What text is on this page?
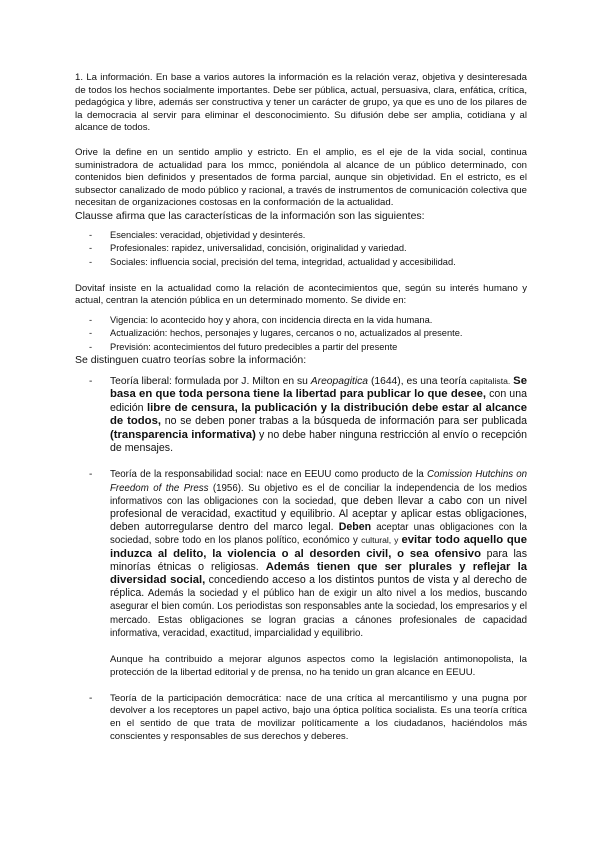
1. La información. En base a varios autores la información es la relación veraz, objetiva y desinteresada de todos los hechos socialmente importantes. Debe ser pública, actual, persuasiva, clara, enfática, crítica, pedagógica y libre, además ser constructiva y tener un carácter de grupo, ya que es uno de los pilares de la democracia al servir para eliminar el desconocimiento. Su difusión debe ser amplia, cotidiana y al alcance de todos.

Orive la define en un sentido amplio y estricto. En el amplio, es el eje de la vida social, continua suministradora de actualidad para los mmcc, poniéndola al alcance de un público determinado, con contenidos bien definidos y presentados de forma parcial, aunque sin objetividad. En el estricto, es el subsector canalizado de modo público y racional, a través de instrumentos de comunicación colectiva que necesitan de organizaciones costosas en la conformación de la actualidad.

Clausse afirma que las características de la información son las siguientes:

- Esenciales: veracidad, objetividad y desinterés.
- Profesionales: rapidez, universalidad, concisión, originalidad y variedad.
- Sociales: influencia social, precisión del tema, integridad, actualidad y accesibilidad.

Dovitaf insiste en la actualidad como la relación de acontecimientos que, según su interés humano y actual, centran la atención pública en un determinado momento. Se divide en:

- Vigencia: lo acontecido hoy y ahora, con incidencia directa en la vida humana.
- Actualización: hechos, personajes y lugares, cercanos o no, actualizados al presente.
- Previsión: acontecimientos del futuro predecibles a partir del presente

Se distinguen cuatro teorías sobre la información:

- Teoría liberal: formulada por J. Milton en su Areopagitica (1644), es una teoría capitalista. Se basa en que toda persona tiene la libertad para publicar lo que desee, con una edición libre de censura, la publicación y la distribución debe estar al alcance de todos, no se deben poner trabas a la búsqueda de información para ser publicada (transparencia informativa) y no debe haber ninguna restricción al envío o recepción de mensajes.
- Teoría de la responsabilidad social: nace en EEUU como producto de la Comission Hutchins on Freedom of the Press (1956). Su objetivo es el de conciliar la independencia de los medios informativos con las obligaciones con la sociedad, que deben llevar a cabo con un nivel profesional de veracidad, exactitud y equilibrio. Al aceptar y aplicar estas obligaciones, deben autorregularse dentro del marco legal. Deben aceptar unas obligaciones con la sociedad, sobre todo en los planos político, económico y cultural, y evitar todo aquello que induzca al delito, la violencia o al desorden civil, o sea ofensivo para las minorías étnicas o religiosas. Además tienen que ser plurales y reflejar la diversidad social, concediendo acceso a los distintos puntos de vista y al derecho de réplica. Además la sociedad y el público han de exigir un alto nivel a los medios, buscando asegurar el bien común. Los periodistas son responsables ante la sociedad, los empresarios y el mercado. Estas obligaciones se logran gracias a cánones profesionales de capacidad informativa, veracidad, exactitud, imparcialidad y equilibrio.

Aunque ha contribuido a mejorar algunos aspectos como la legislación antimonopolista, la protección de la libertad editorial y de prensa, no ha tenido un gran alcance en EEUU.

- Teoría de la participación democrática: nace de una crítica al mercantilismo y una pugna por devolver a los receptores un papel activo, bajo una óptica política socialista. Es una teoría crítica en el sentido de que trata de movilizar políticamente a los ciudadanos, haciéndolos más conscientes y responsables de sus derechos y deberes.
